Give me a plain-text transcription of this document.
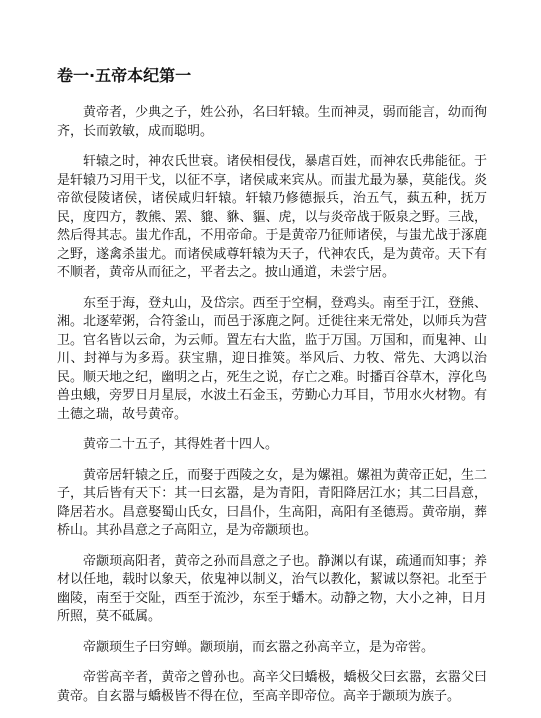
卷一·五帝本纪第一

黄帝者，少典之子，姓公孙，名曰轩辕。生而神灵，弱而能言，幼而徇齐，长而敦敏，成而聪明。

轩辕之时，神农氏世衰。诸侯相侵伐，暴虐百姓，而神农氏弗能征。于是轩辕乃习用干戈，以征不享，诸侯咸来宾从。而蚩尤最为暴，莫能伐。炎帝欲侵陵诸侯，诸侯咸归轩辕。轩辕乃修德振兵，治五气，蓺五种，抚万民，度四方，教熊、罴、貔、貅、貙、虎，以与炎帝战于阪泉之野。三战，然后得其志。蚩尤作乱，不用帝命。于是黄帝乃征师诸侯，与蚩尤战于涿鹿之野，遂禽杀蚩尤。而诸侯咸尊轩辕为天子，代神农氏，是为黄帝。天下有不顺者，黄帝从而征之，平者去之。披山通道，未尝宁居。

东至于海，登丸山，及岱宗。西至于空桐，登鸡头。南至于江，登熊、湘。北逐荤粥，合符釜山，而邑于涿鹿之阿。迁徙往来无常处，以师兵为营卫。官名皆以云命，为云师。置左右大监，监于万国。万国和，而鬼神、山川、封禅与为多焉。获宝鼎，迎日推筴。举风后、力牧、常先、大鸿以治民。顺天地之纪，幽明之占，死生之说，存亡之难。时播百谷草木，淳化鸟兽虫蛾，旁罗日月星辰，水波土石金玉，劳勤心力耳目，节用水火材物。有土德之瑞，故号黄帝。

黄帝二十五子，其得姓者十四人。

黄帝居轩辕之丘，而娶于西陵之女，是为嫘祖。嫘祖为黄帝正妃，生二子，其后皆有天下：其一曰玄嚣，是为青阳，青阳降居江水；其二曰昌意，降居若水。昌意娶蜀山氏女，曰昌仆，生高阳，高阳有圣德焉。黄帝崩，葬桥山。其孙昌意之子高阳立，是为帝颛顼也。

帝颛顼高阳者，黄帝之孙而昌意之子也。静渊以有谋，疏通而知事；养材以任地，载时以象天，依鬼神以制义，治气以教化，絜诚以祭祀。北至于幽陵，南至于交阯，西至于流沙，东至于蟠木。动静之物，大小之神，日月所照，莫不砥属。

帝颛顼生子曰穷蝉。颛顼崩，而玄嚣之孙高辛立，是为帝喾。

帝喾高辛者，黄帝之曾孙也。高辛父曰蟜极，蟜极父曰玄嚣，玄嚣父曰黄帝。自玄嚣与蟜极皆不得在位，至高辛即帝位。高辛于颛顼为族子。
